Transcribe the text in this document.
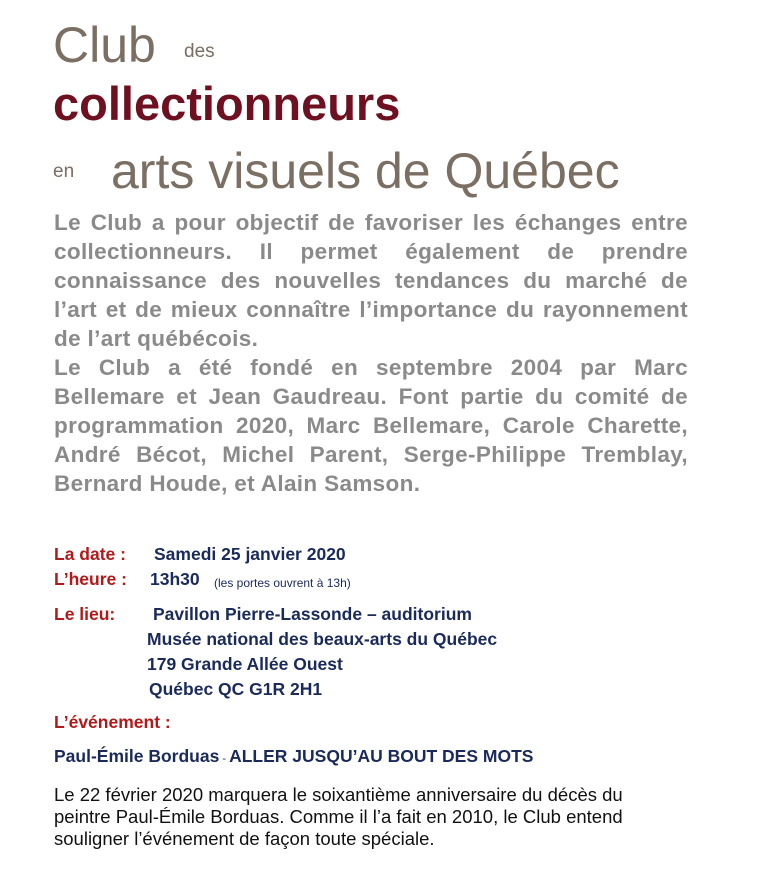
Club des
collectionneurs
en arts visuels de Québec

Le Club a pour objectif de favoriser les échanges entre collectionneurs. Il permet également de prendre connaissance des nouvelles tendances du marché de l’art et de mieux connaître l’importance du rayonnement de l’art québécois.

Le Club a été fondé en septembre 2004 par Marc Bellemare et Jean Gaudreau. Font partie du comité de programmation 2020, Marc Bellemare, Carole Charette, André Bécot, Michel Parent, Serge-Philippe Tremblay, Bernard Houde, et Alain Samson.

La date : Samedi 25 janvier 2020
L’heure : 13h30 (les portes ouvrent à 13h)
Le lieu: Pavillon Pierre-Lassonde – auditorium
Musée national des beaux-arts du Québec
179 Grande Allée Ouest
Québec QC G1R 2H1
L’événement :
Paul-Émile Borduas - ALLER JUSQU’AU BOUT DES MOTS

Le 22 février 2020 marquera le soixantième anniversaire du décès du peintre Paul-Émile Borduas. Comme il l’a fait en 2010, le Club entend souligner l’événement de façon toute spéciale.
